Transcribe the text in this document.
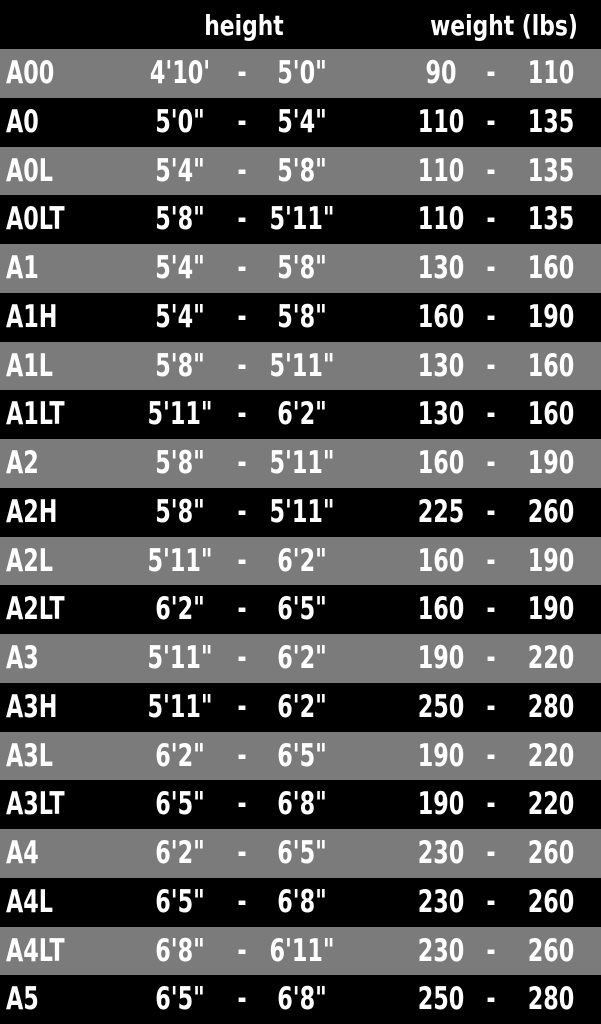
height	weight (lbs)
A00	4'10' - 5'0"	90 -	110
A0	5'0"	- 5'4"	110 -	135
A0L	5'4"	- 5'8"	110 -	135
A0LT	5'8"	- 5'11"	110 -	135
A1	5'4"	- 5'8"	130 -	160
A1H	5'4"	- 5'8"	160 -	190
A1L	5'8"	- 5'11"	130 -	160
A1LT	5'11" - 6'2"	130 -	160
A2	5'8"	- 5'11"	160 -	190
A2H	5'8"	- 5'11"	225 -	260
A2L	5'11" - 6'2"	160 -	190
A2LT	6'2"	- 6'5"	160 -	190
A3	5'11" - 6'2"	190 -	220
A3H	5'11" - 6'2"	250 -	280
A3L	6'2"	- 6'5"	190 -	220
A3LT	6'5"	- 6'8"	190 -	220
A4	6'2"	- 6'5"	230 -	260
A4L	6'5"	- 6'8"	230 -	260
A4LT	6'8"	- 6'11"	230 -	260
A5	6'5"	- 6'8"	250 -	280
